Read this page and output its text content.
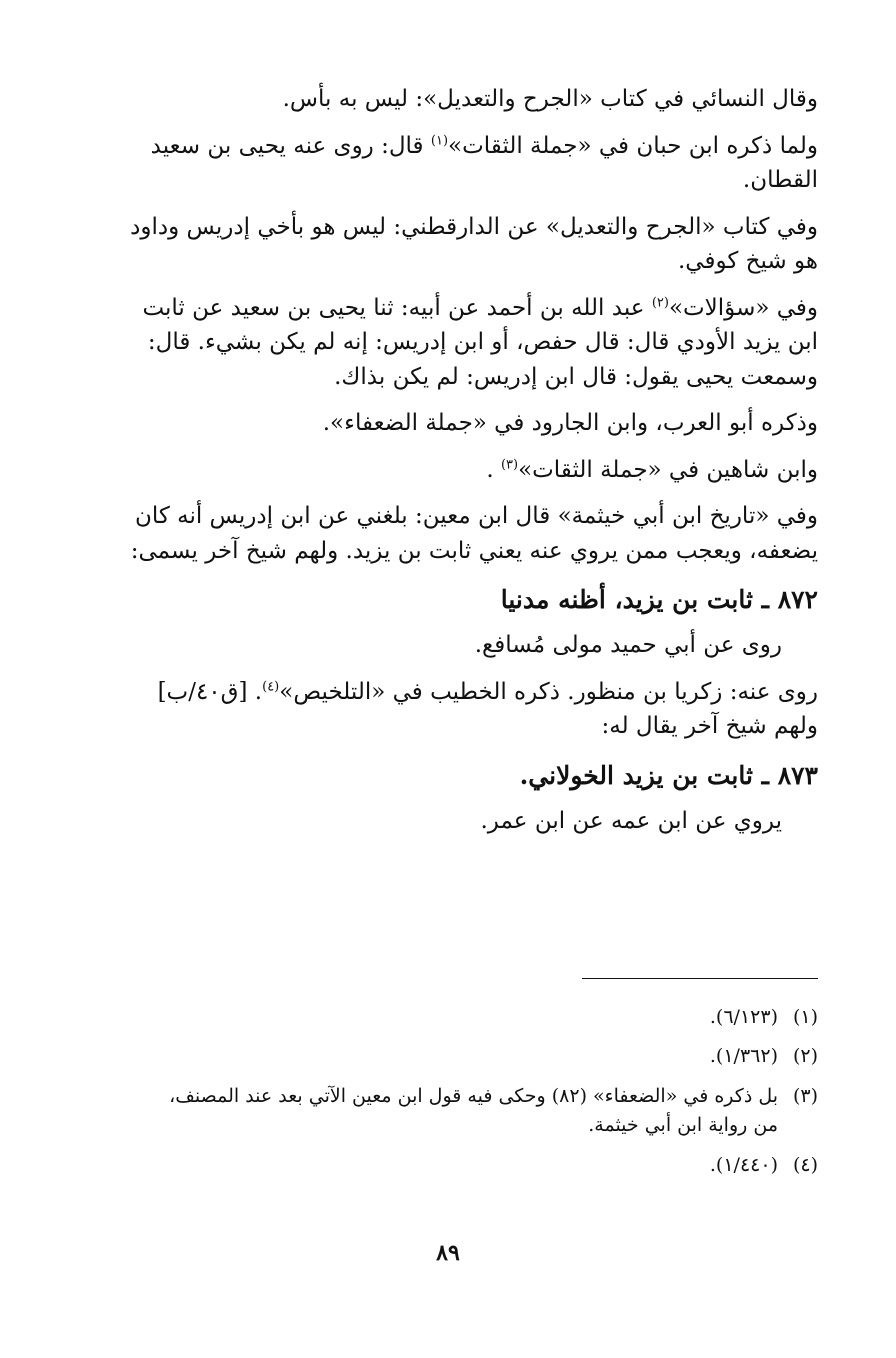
وقال النسائي في كتاب «الجرح والتعديل»: ليس به بأس.

ولما ذكره ابن حبان في «جملة الثقات»$^{(١)}$ قال: روى عنه يحيى بن سعيد
القطان.

وفي كتاب «الجرح والتعديل» عن الدارقطني: ليس هو بأخي إدريس وداود
هو شيخ كوفي.

وفي «سؤالات»$^{(٢)}$ عبد الله بن أحمد عن أبيه: ثنا يحيى بن سعيد عن ثابت
ابن يزيد الأودي قال: قال حفص، أو ابن إدريس: إنه لم يكن بشيء. قال:
وسمعت يحيى يقول: قال ابن إدريس: لم يكن بذاك.

وذكره أبو العرب، وابن الجارود في «جملة الضعفاء».

وابن شاهين في «جملة الثقات»$^{(٣)}$ .

وفي «تاريخ ابن أبي خيثمة» قال ابن معين: بلغني عن ابن إدريس أنه كان
يضعفه، ويعجب ممن يروي عنه يعني ثابت بن يزيد. ولهم شيخ آخر يسمى:

٨٧٢ ـ ثابت بن يزيد، أظنه مدنيا

روى عن أبي حميد مولى مُسافع.

روى عنه: زكريا بن منظور. ذكره الخطيب في «التلخيص»$^{(٤)}$. [ق٤٠/ب]
ولهم شيخ آخر يقال له:

٨٧٣ ـ ثابت بن يزيد الخولاني.

يروي عن ابن عمه عن ابن عمر.

(١)(٦/١٢٣).
(٢)(١/٣٦٢).
(٣)بل ذكره في «الضعفاء» (٨٢) وحكى فيه قول ابن معين الآتي بعد عند المصنف،
من رواية ابن أبي خيثمة.
(٤)(١/٤٤٠).
٨٩
